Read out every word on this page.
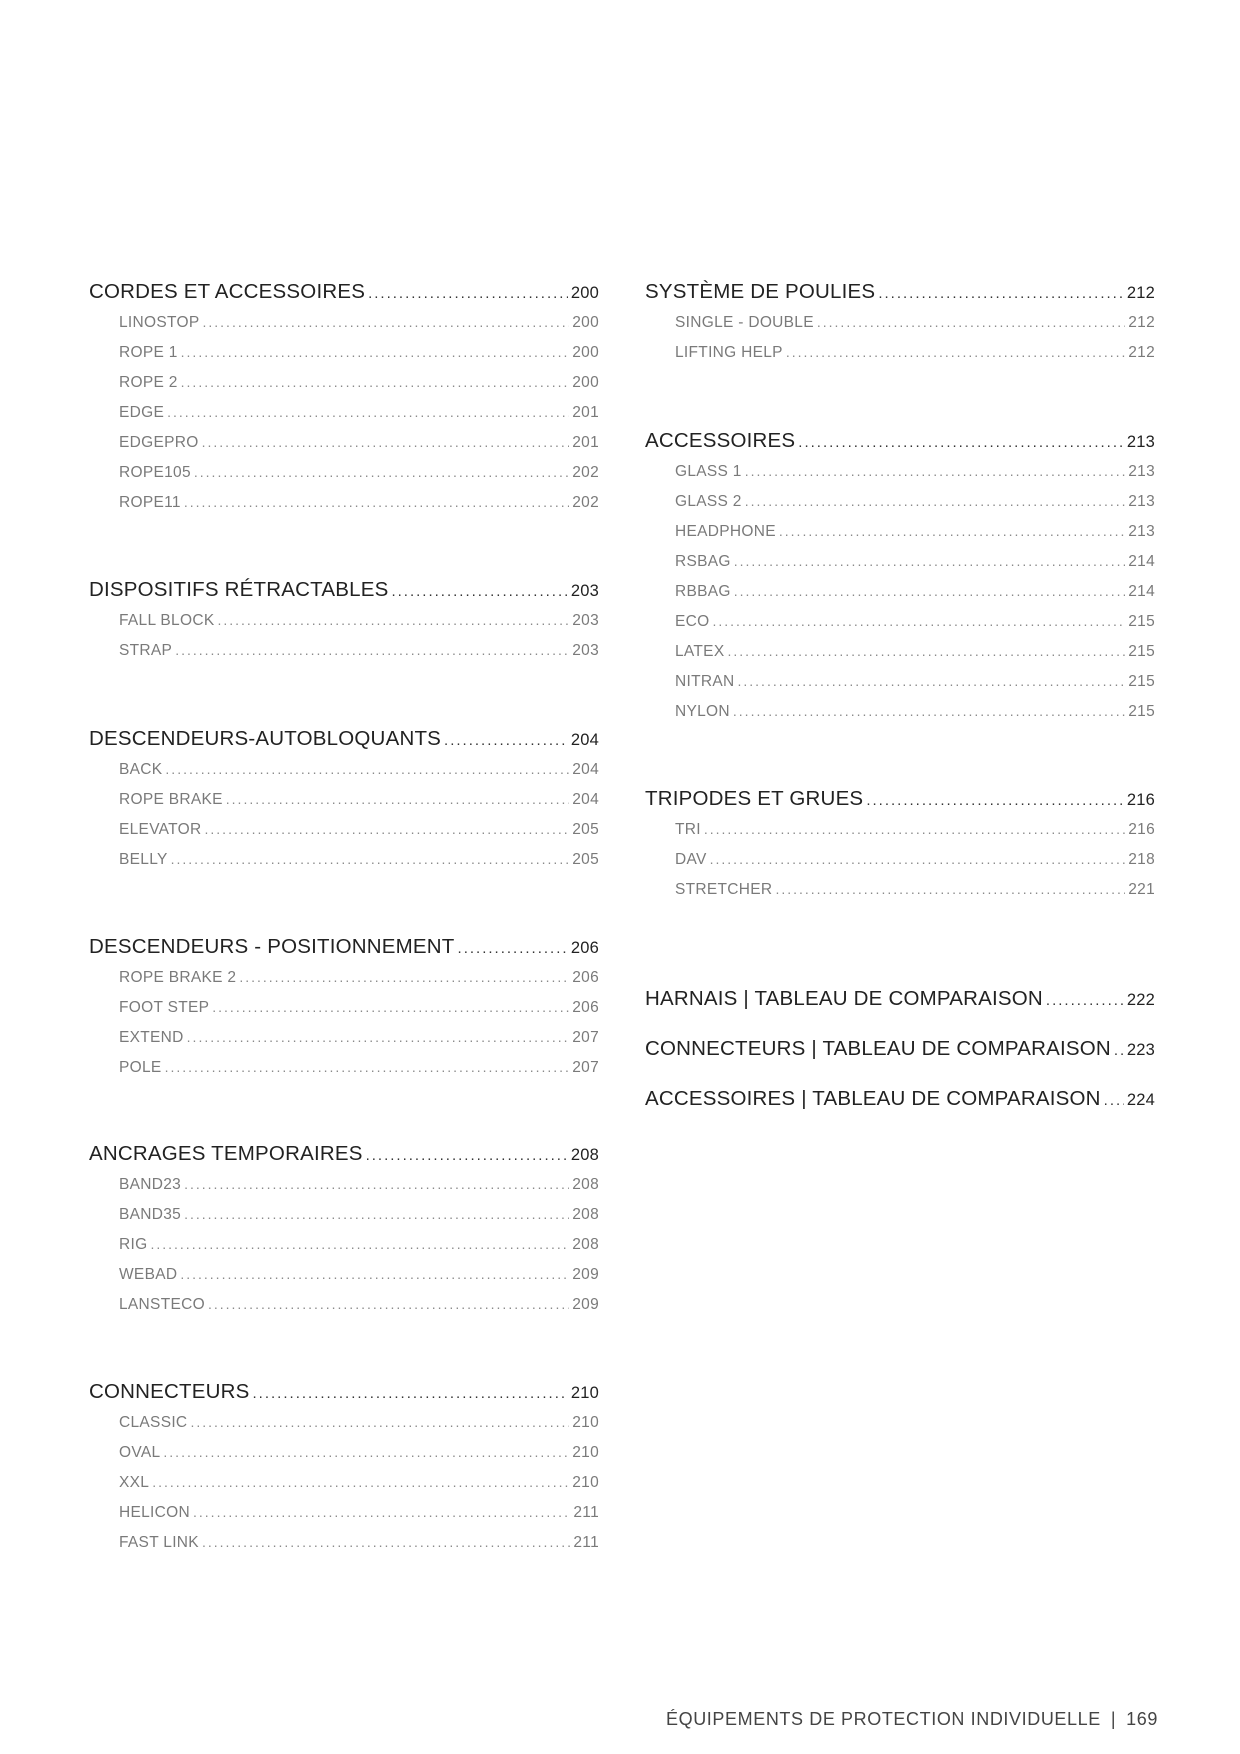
CORDES ET ACCESSOIRES .....	200
LINOSTOP .....	200
ROPE 1 .....	200
ROPE 2 .....	200
EDGE .....	201
EDGEPRO .....	201
ROPE105 .....	202
ROPE11 .....	202
DISPOSITIFS RÉTRACTABLES .....	203
FALL BLOCK .....	203
STRAP .....	203
DESCENDEURS-AUTOBLOQUANTS .....	204
BACK .....	204
ROPE BRAKE .....	204
ELEVATOR .....	205
BELLY .....	205
DESCENDEURS - POSITIONNEMENT .....	206
ROPE BRAKE 2 .....	206
FOOT STEP .....	206
EXTEND .....	207
POLE .....	207
ANCRAGES TEMPORAIRES .....	208
BAND23 .....	208
BAND35 .....	208
RIG .....	208
WEBAD .....	209
LANSTECO .....	209
CONNECTEURS .....	210
CLASSIC .....	210
OVAL .....	210
XXL .....	210
HELICON .....	211
FAST LINK .....	211
SYSTÈME DE POULIES .....	212
SINGLE - DOUBLE .....	212
LIFTING HELP .....	212
ACCESSOIRES .....	213
GLASS 1 .....	213
GLASS 2 .....	213
HEADPHONE .....	213
RSBAG .....	214
RBBAG .....	214
ECO .....	215
LATEX .....	215
NITRAN .....	215
NYLON .....	215
TRIPODES ET GRUES .....	216
TRI .....	216
DAV .....	218
STRETCHER .....	221
HARNAIS | TABLEAU DE COMPARAISON .....	222
CONNECTEURS | TABLEAU DE COMPARAISON ..... 223
ACCESSOIRES | TABLEAU DE COMPARAISON ..... 224
ÉQUIPEMENTS DE PROTECTION INDIVIDUELLE | 169
